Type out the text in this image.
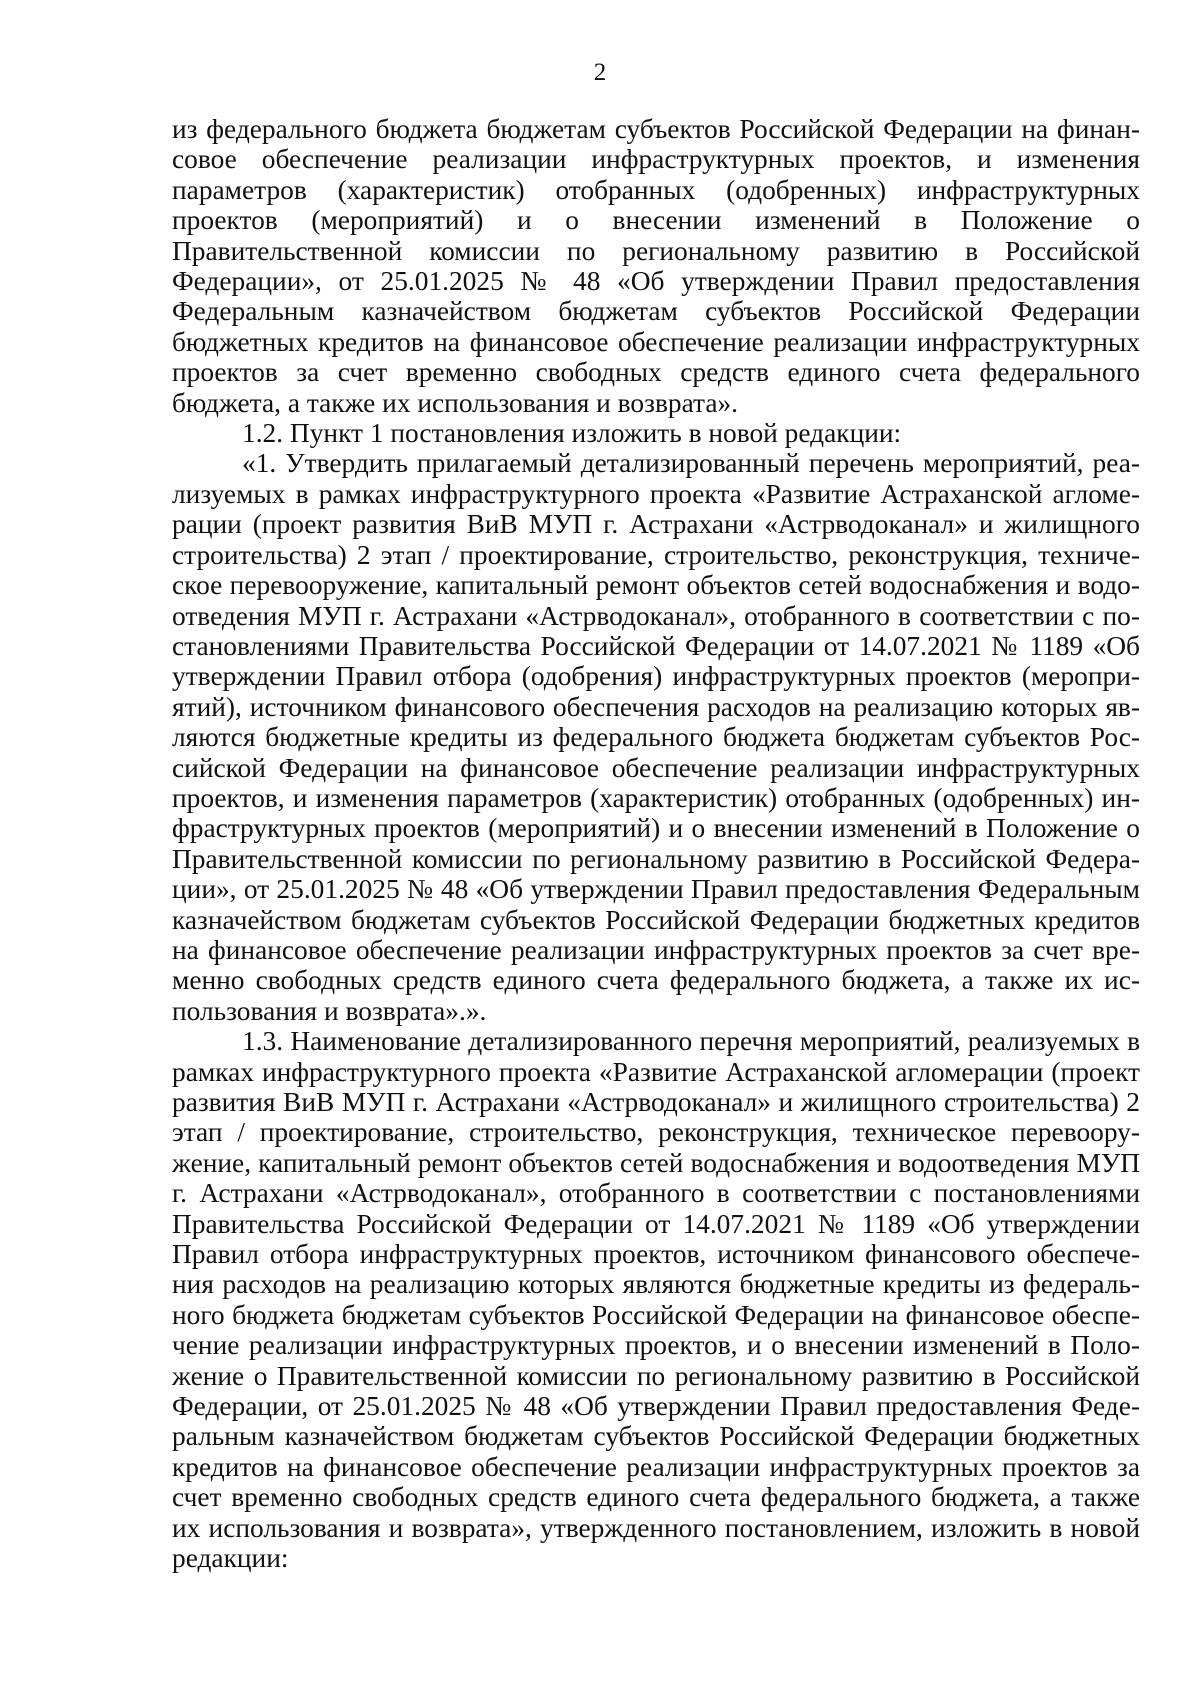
2

из федерального бюджета бюджетам субъектов Российской Федерации на финансовое обеспечение реализации инфраструктурных проектов, и изменения параметров (характеристик) отобранных (одобренных) инфраструктурных проектов (мероприятий) и о внесении изменений в Положение о Правительственной комиссии по региональному развитию в Российской Федерации», от 25.01.2025 № 48 «Об утверждении Правил предоставления Федеральным казначейством бюджетам субъектов Российской Федерации бюджетных кредитов на финансовое обеспечение реализации инфраструктурных проектов за счет временно свободных средств единого счета федерального бюджета, а также их использования и возврата».

1.2. Пункт 1 постановления изложить в новой редакции:

«1. Утвердить прилагаемый детализированный перечень мероприятий, реализуемых в рамках инфраструктурного проекта «Развитие Астраханской агломерации (проект развития ВиВ МУП г. Астрахани «Астрводоканал» и жилищного строительства) 2 этап / проектирование, строительство, реконструкция, техническое перевооружение, капитальный ремонт объектов сетей водоснабжения и водоотведения МУП г. Астрахани «Астрводоканал», отобранного в соответствии с постановлениями Правительства Российской Федерации от 14.07.2021 № 1189 «Об утверждении Правил отбора (одобрения) инфраструктурных проектов (мероприятий), источником финансового обеспечения расходов на реализацию которых являются бюджетные кредиты из федерального бюджета бюджетам субъектов Российской Федерации на финансовое обеспечение реализации инфраструктурных проектов, и изменения параметров (характеристик) отобранных (одобренных) инфраструктурных проектов (мероприятий) и о внесении изменений в Положение о Правительственной комиссии по региональному развитию в Российской Федерации», от 25.01.2025 № 48 «Об утверждении Правил предоставления Федеральным казначейством бюджетам субъектов Российской Федерации бюджетных кредитов на финансовое обеспечение реализации инфраструктурных проектов за счет временно свободных средств единого счета федерального бюджета, а также их использования и возврата».».

1.3. Наименование детализированного перечня мероприятий, реализуемых в рамках инфраструктурного проекта «Развитие Астраханской агломерации (проект развития ВиВ МУП г. Астрахани «Астрводоканал» и жилищного строительства) 2 этап / проектирование, строительство, реконструкция, техническое перевооружение, капитальный ремонт объектов сетей водоснабжения и водоотведения МУП г. Астрахани «Астрводоканал», отобранного в соответствии с постановлениями Правительства Российской Федерации от 14.07.2021 № 1189 «Об утверждении Правил отбора инфраструктурных проектов, источником финансового обеспечения расходов на реализацию которых являются бюджетные кредиты из федерального бюджета бюджетам субъектов Российской Федерации на финансовое обеспечение реализации инфраструктурных проектов, и о внесении изменений в Положение о Правительственной комиссии по региональному развитию в Российской Федерации, от 25.01.2025 № 48 «Об утверждении Правил предоставления Федеральным казначейством бюджетам субъектов Российской Федерации бюджетных кредитов на финансовое обеспечение реализации инфраструктурных проектов за счет временно свободных средств единого счета федерального бюджета, а также их использования и возврата», утвержденного постановлением, изложить в новой редакции:
